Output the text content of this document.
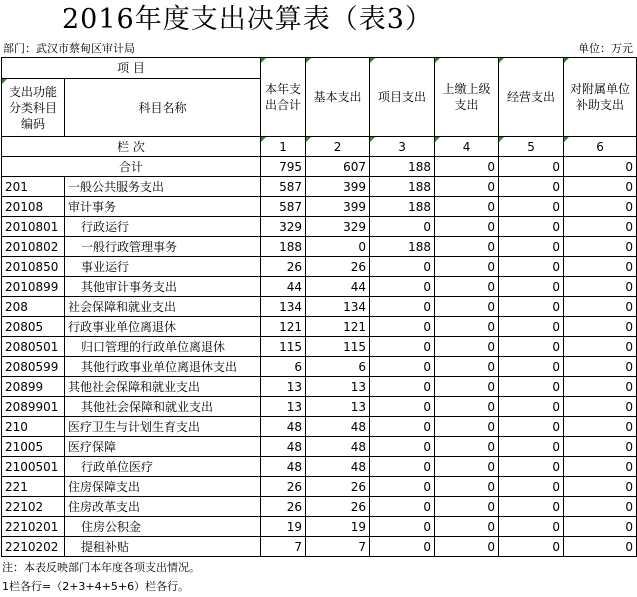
2016年度支出决算表（表3）
部门：武汉市蔡甸区审计局	单位：万元
项 目		本年支出合计	基本支出	项目支出	上缴上级支出	经营支出	对附属单位补助支出
支出功能分类科目编码	科目名称						
栏 次		1	2	3	4	5	6
合计		795	607	188	0	0	0
201	一般公共服务支出	587	399	188	0	0	0
20108	审计事务	587	399	188	0	0	0
2010801	行政运行	329	329	0	0	0	0
2010802	一般行政管理事务	188	0	188	0	0	0
2010850	事业运行	26	26	0	0	0	0
2010899	其他审计事务支出	44	44	0	0	0	0
208	社会保障和就业支出	134	134	0	0	0	0
20805	行政事业单位离退休	121	121	0	0	0	0
2080501	归口管理的行政单位离退休	115	115	0	0	0	0
2080599	其他行政事业单位离退休支出	6	6	0	0	0	0
20899	其他社会保障和就业支出	13	13	0	0	0	0
2089901	其他社会保障和就业支出	13	13	0	0	0	0
210	医疗卫生与计划生育支出	48	48	0	0	0	0
21005	医疗保障	48	48	0	0	0	0
2100501	行政单位医疗	48	48	0	0	0	0
221	住房保障支出	26	26	0	0	0	0
22102	住房改革支出	26	26	0	0	0	0
2210201	住房公积金	19	19	0	0	0	0
2210202	提租补贴	7	7	0	0	0	0
注：本表反映部门本年度各项支出情况。
1栏各行=（2+3+4+5+6）栏各行。
